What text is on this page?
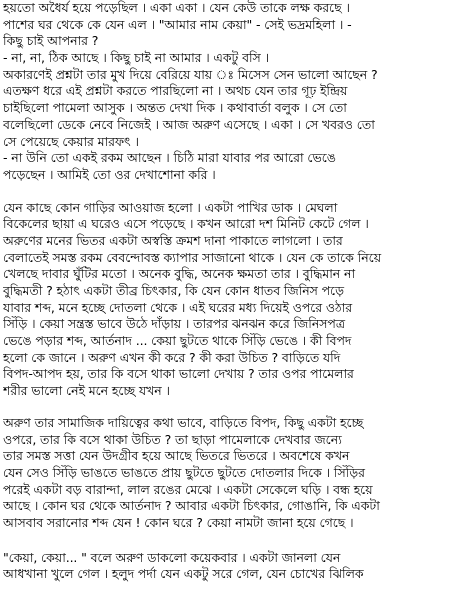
হয়তো অধৈর্য হয়ে পড়েছিল । একা একা । যেন কেউ তাকে লক্ষ করছে ।
পাশের ঘর থেকে কে যেন এল । "আমার নাম কেয়া" - সেই ভদ্রমহিলা । -
কিছু চাই আপনার ?
- না, না, ঠিক আছে । কিছু চাই না আমার । একটু বসি ।
অকারণেই প্রশ্নটা তার মুখ দিয়ে বেরিয়ে যায় ঃ মিসেস সেন ভালো আছেন ?
এতক্ষণ ধরে এই প্রশ্নটা করতে পারছিলো না । অথচ যেন তার গূঢ় ইন্দ্রিয়
চাইছিলো পামেলা আসুক । অন্তত দেখা দিক । কথাবার্তা বলুক । সে তো
বলেছিলো ডেকে নেবে নিজেই । আজ অরুণ এসেছে । একা । সে খবরও তো
সে পেয়েছে কেয়ার মারফৎ ।
- না উনি তো একই রকম আছেন । চিঠি মারা যাবার পর আরো ভেঙে
পড়েছেন । আমিই তো ওর দেখাশোনা করি ।
যেন কাছে কোন গাড়ির আওয়াজ হলো । একটা পাখির ডাক । মেঘলা
বিকেলের ছায়া এ ঘরেও এসে পড়েছে । কখন আরো দশ মিনিট কেটে গেল ।
অরুণের মনের ভিতর একটা অস্বস্তি ক্রমশ দানা পাকাতে লাগলো । তার
বেলাতেই সমস্ত রকম বেবন্দোবস্ত ক্যাপার সাজানো থাকে । যেন কে তাকে নিয়ে
খেলছে দাবার ঘুঁটির মতো । অনেক বুদ্ধি, অনেক ক্ষমতা তার । বুদ্ধিমান না
বুদ্ধিমতী ? হঠাৎ একটা তীব্র চিৎকার, কি যেন কোন ধাতব জিনিস পড়ে
যাবার শব্দ, মনে হচ্ছে দোতলা থেকে । এই ঘরের মধ্য দিয়েই ওপরে ওঠার
সিঁড়ি । কেয়া সন্ত্রস্ত ভাবে উঠে দাঁড়ায় । তারপর ঝনঝন করে জিনিসপত্র
ভেঙে পড়ার শব্দ, আর্তনাদ ... কেয়া ছুটতে থাকে সিঁড়ি ভেঙে । কী বিপদ
হলো কে জানে । অরুণ এখন কী করে ? কী করা উচিত ? বাড়িতে যদি
বিপদ-আপদ হয়, তার কি বসে থাকা ভালো দেখায় ? তার ওপর পামেলার
শরীর ভালো নেই মনে হচ্ছে যখন ।
অরুণ তার সামাজিক দায়িত্বের কথা ভাবে, বাড়িতে বিপদ, কিছু একটা হচ্ছে
ওপরে, তার কি বসে থাকা উচিত ? তা ছাড়া পামেলাকে দেখবার জন্যে
তার সমস্ত সত্তা যেন উদগ্রীব হয়ে আছে ভিতরে ভিতরে । অবশেষে কখন
যেন সেও সিঁড়ি ভাঙতে ভাঙতে প্রায় ছুটতে ছুটতে দোতলার দিকে । সিঁড়ির
পরেই একটা বড় বারান্দা, লাল রঙের মেঝে । একটা সেকেলে ঘড়ি । বন্ধ হয়ে
আছে । কোন ঘর থেকে আর্তনাদ ? আবার একটা চিৎকার, গোঙানি, কি একটা
আসবাব সরানোর শব্দ যেন ! কোন ঘরে ? কেয়া নামটা জানা হয়ে গেছে ।
"কেয়া, কেয়া... " বলে অরুণ ডাকলো কয়েকবার । একটা জানলা যেন
আধখানা খুলে গেল । হলুদ পর্দা যেন একটু সরে গেল, যেন চোখের ঝিলিক
